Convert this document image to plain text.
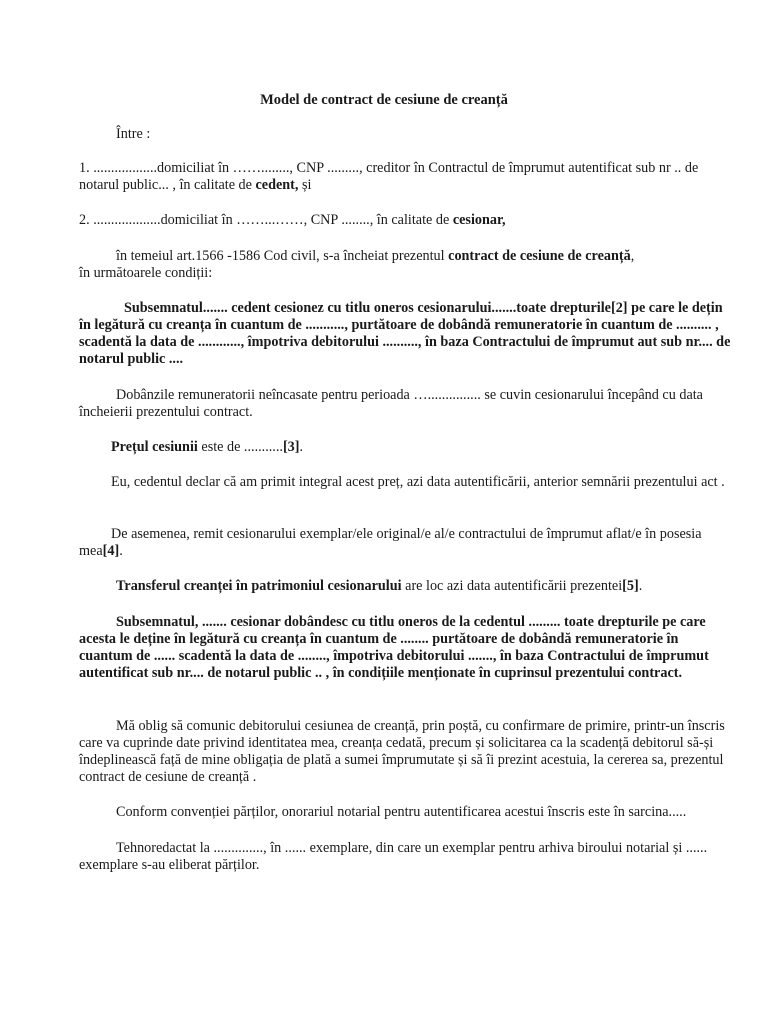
Model de contract de cesiune de creanță
Între :
1. ..................domiciliat în ……........, CNP ........., creditor în Contractul de împrumut autentificat sub nr .. de notarul public... , în calitate de cedent, și
2. ...................domiciliat în ……...……, CNP ........, în calitate de cesionar,
în temeiul art.1566 -1586 Cod civil, s-a încheiat prezentul contract de cesiune de creanță,
în următoarele condiții:
Subsemnatul....... cedent cesionez cu titlu oneros cesionarului.......toate drepturile[2] pe care le dețin în legătură cu creanța în cuantum de ..........., purtătoare de dobândă remuneratorie în cuantum de .......... , scadentă la data de ............, împotriva debitorului .........., în baza Contractului de împrumut aut sub nr.... de notarul public ....
Dobânzile remuneratorii neîncasate pentru perioada …............... se cuvin cesionarului începând cu data încheierii prezentului contract.
Prețul cesiunii este de ...........[3].
Eu, cedentul declar că am primit integral acest preț, azi data autentificării, anterior semnării prezentului act .
De asemenea, remit cesionarului exemplar/ele original/e al/e contractului de împrumut aflat/e în posesia mea[4].
Transferul creanței în patrimoniul cesionarului are loc azi data autentificării prezentei[5].
Subsemnatul, ....... cesionar dobândesc cu titlu oneros de la cedentul ......... toate drepturile pe care acesta le deține în legătură cu creanța în cuantum de ........ purtătoare de dobândă remuneratorie în cuantum de ...... scadentă la data de ........, împotriva debitorului ......., în baza Contractului de împrumut autentificat sub nr.... de notarul public .. , în condițiile menționate în cuprinsul prezentului contract.
Mă oblig să comunic debitorului cesiunea de creanță, prin poștă, cu confirmare de primire, printr-un înscris care va cuprinde date privind identitatea mea, creanța cedată, precum și solicitarea ca la scadență debitorul să-și îndeplinească față de mine obligația de plată a sumei împrumutate și să îi prezint acestuia, la cererea sa, prezentul contract de cesiune de creanță .
Conform convenției părților, onorariul notarial pentru autentificarea acestui înscris este în sarcina.....
Tehnoredactat la .............., în ...... exemplare, din care un exemplar pentru arhiva biroului notarial și ...... exemplare s-au eliberat părților.
